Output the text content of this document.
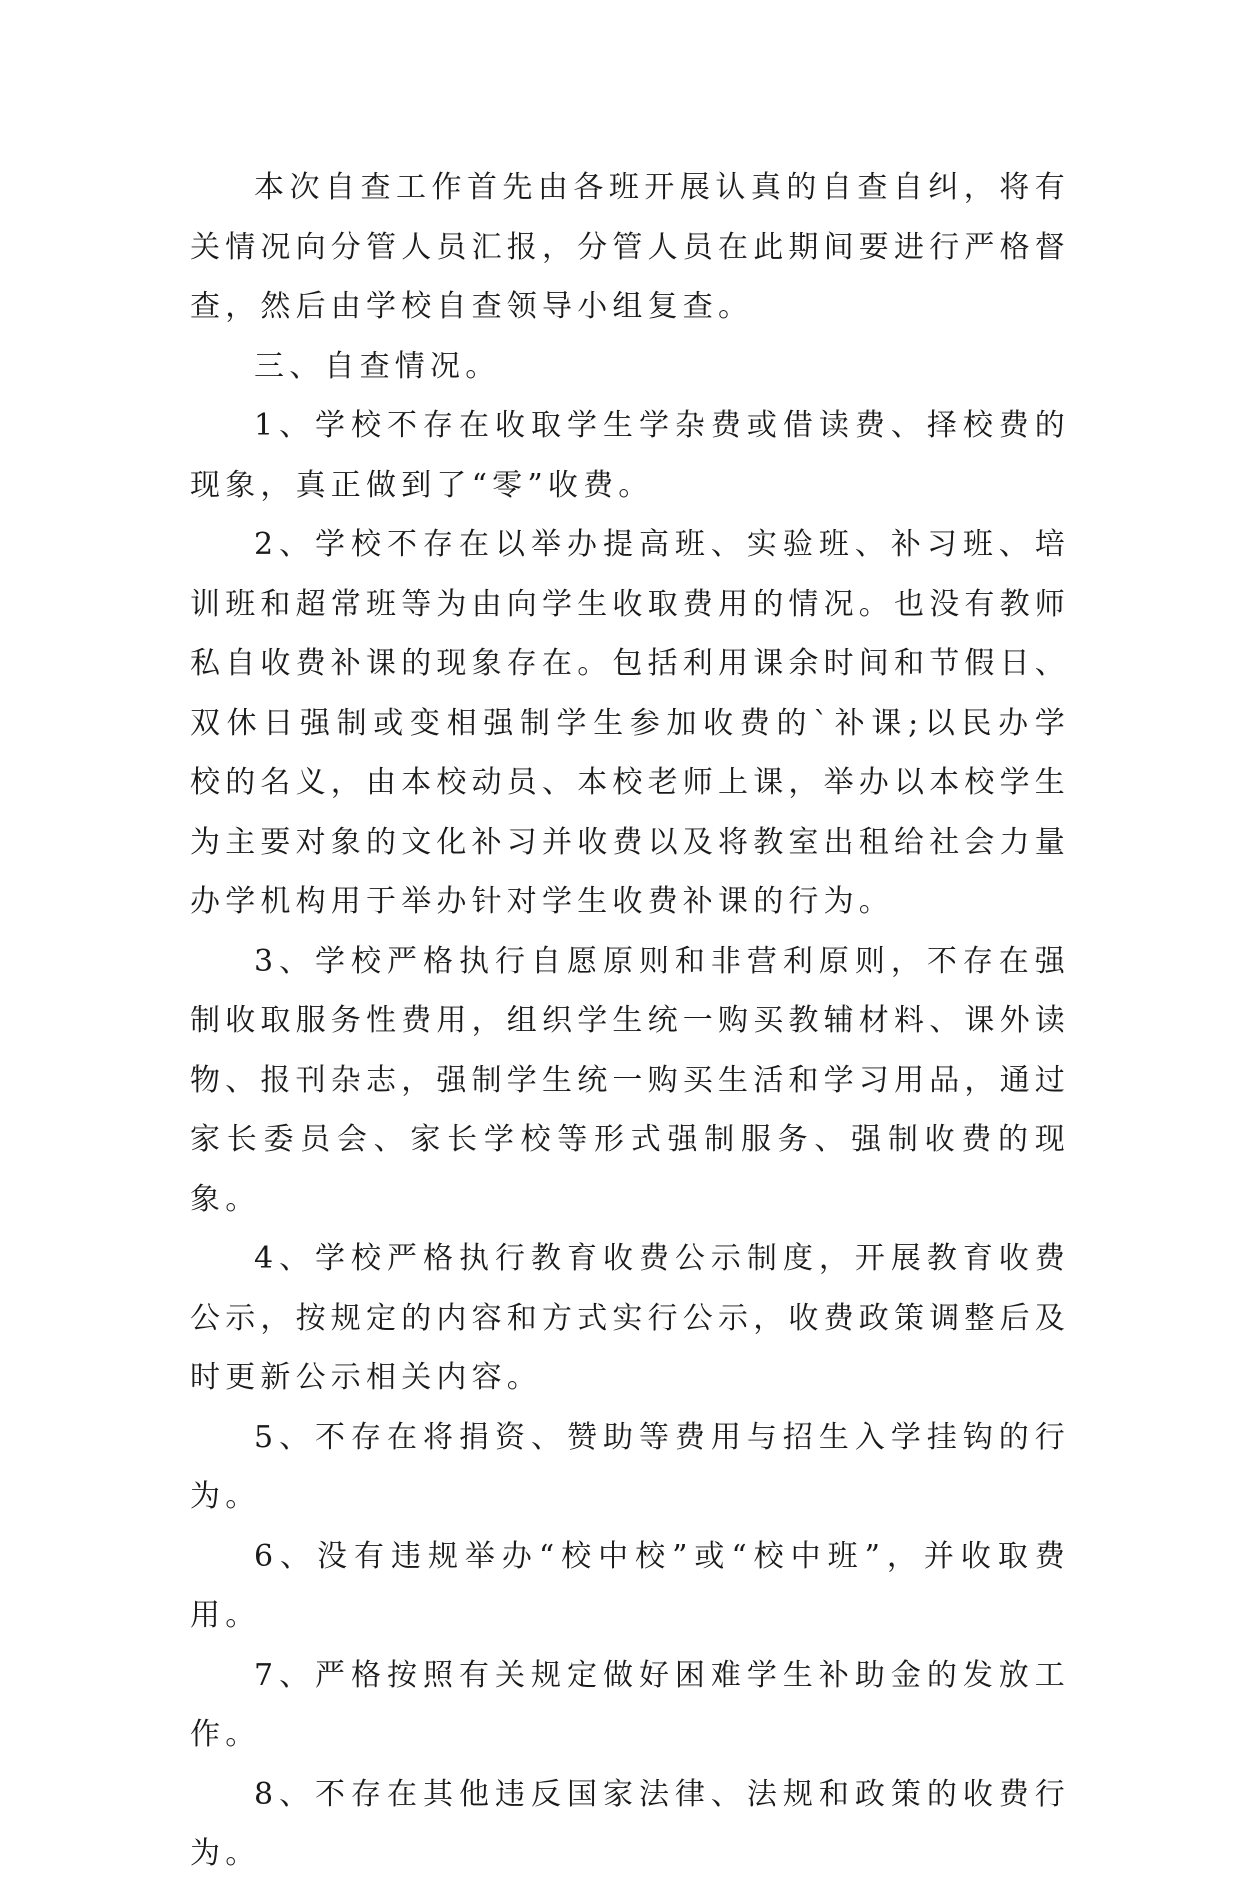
本次自查工作首先由各班开展认真的自查自纠，将有关情况向分管人员汇报，分管人员在此期间要进行严格督查，然后由学校自查领导小组复查。

三、自查情况。

1、学校不存在收取学生学杂费或借读费、择校费的现象，真正做到了“零”收费。

2、学校不存在以举办提高班、实验班、补习班、培训班和超常班等为由向学生收取费用的情况。也没有教师私自收费补课的现象存在。包括利用课余时间和节假日、双休日强制或变相强制学生参加收费的`补课;以民办学校的名义，由本校动员、本校老师上课，举办以本校学生为主要对象的文化补习并收费以及将教室出租给社会力量办学机构用于举办针对学生收费补课的行为。

3、学校严格执行自愿原则和非营利原则，不存在强制收取服务性费用，组织学生统一购买教辅材料、课外读物、报刊杂志，强制学生统一购买生活和学习用品，通过家长委员会、家长学校等形式强制服务、强制收费的现象。

4、学校严格执行教育收费公示制度，开展教育收费公示，按规定的内容和方式实行公示，收费政策调整后及时更新公示相关内容。

5、不存在将捐资、赞助等费用与招生入学挂钩的行为。

6、没有违规举办“校中校”或“校中班”，并收取费用。

7、严格按照有关规定做好困难学生补助金的发放工作。

8、不存在其他违反国家法律、法规和政策的收费行为。
